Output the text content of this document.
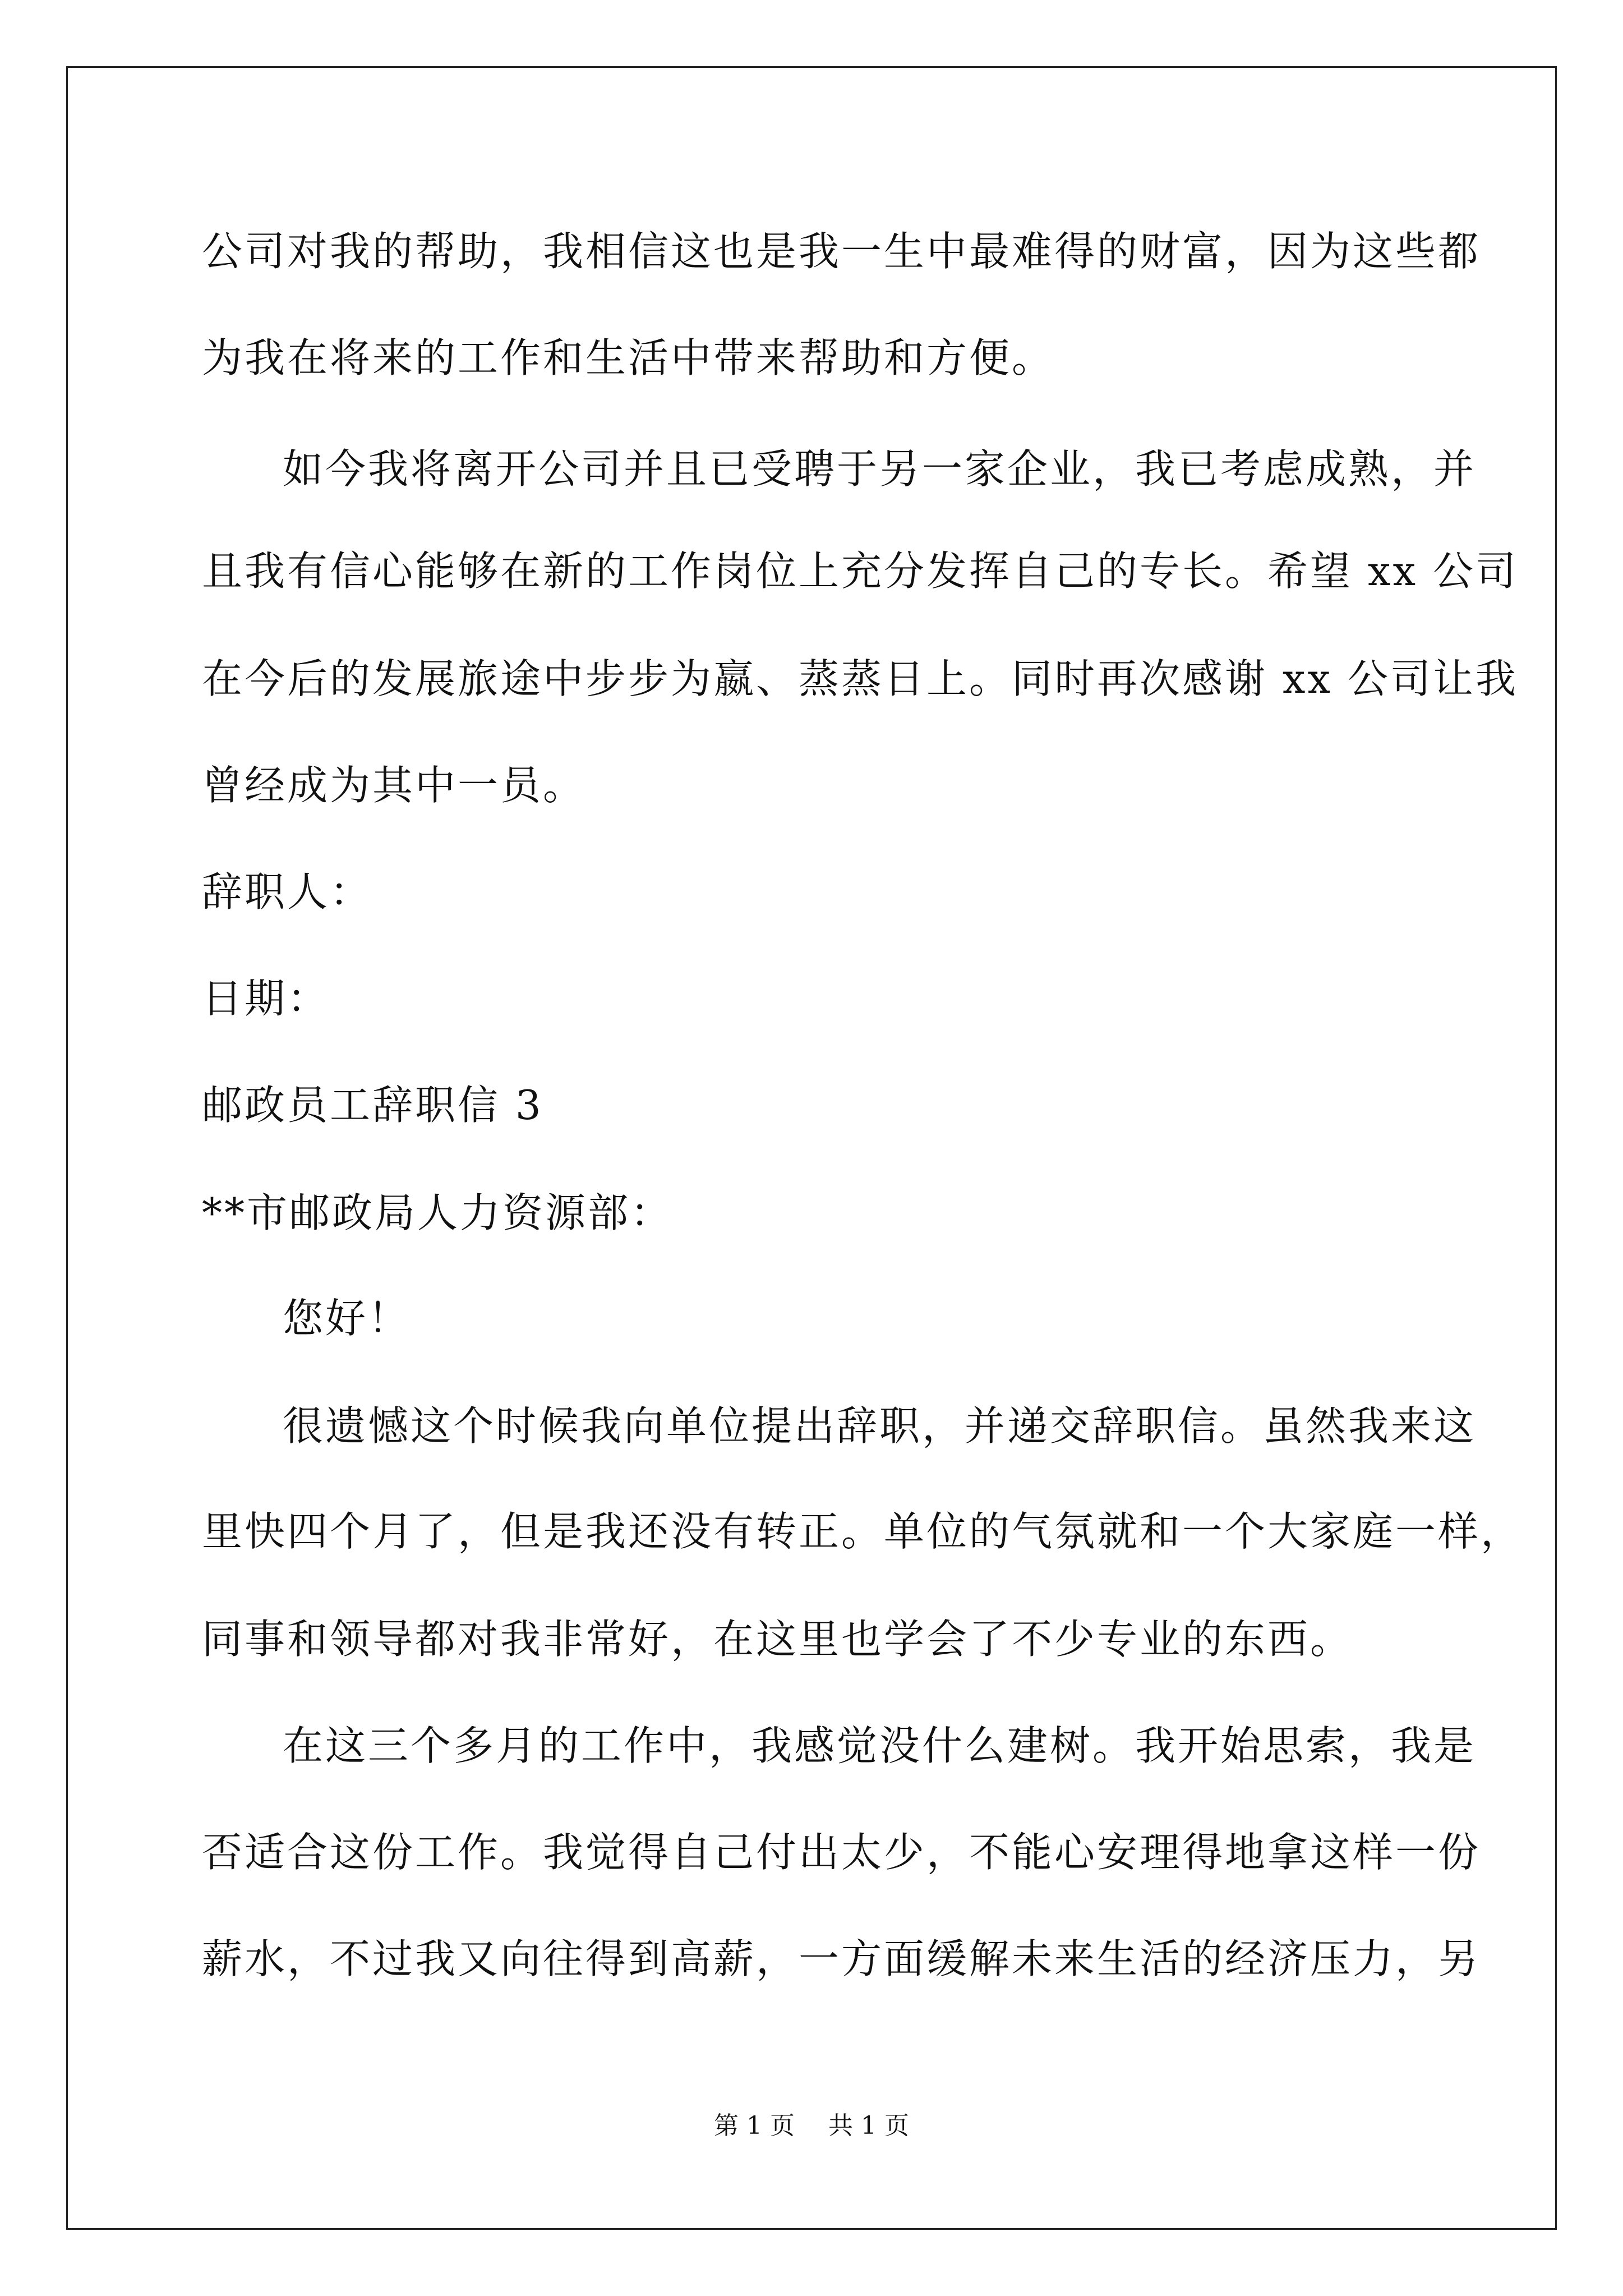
公司对我的帮助，我相信这也是我一生中最难得的财富，因为这些都
为我在将来的工作和生活中带来帮助和方便。
如今我将离开公司并且已受聘于另一家企业，我已考虑成熟，并
且我有信心能够在新的工作岗位上充分发挥自己的专长。希望 xx 公司
在今后的发展旅途中步步为嬴、蒸蒸日上。同时再次感谢 xx 公司让我
曾经成为其中一员。
辞职人：
日期：
邮政员工辞职信 3
**市邮政局人力资源部：
您好！
很遗憾这个时候我向单位提出辞职，并递交辞职信。虽然我来这
里快四个月了，但是我还没有转正。单位的气氛就和一个大家庭一样，
同事和领导都对我非常好，在这里也学会了不少专业的东西。
在这三个多月的工作中，我感觉没什么建树。我开始思索，我是
否适合这份工作。我觉得自己付出太少，不能心安理得地拿这样一份
薪水，不过我又向往得到高薪，一方面缓解未来生活的经济压力，另
第 1 页 共 1 页
